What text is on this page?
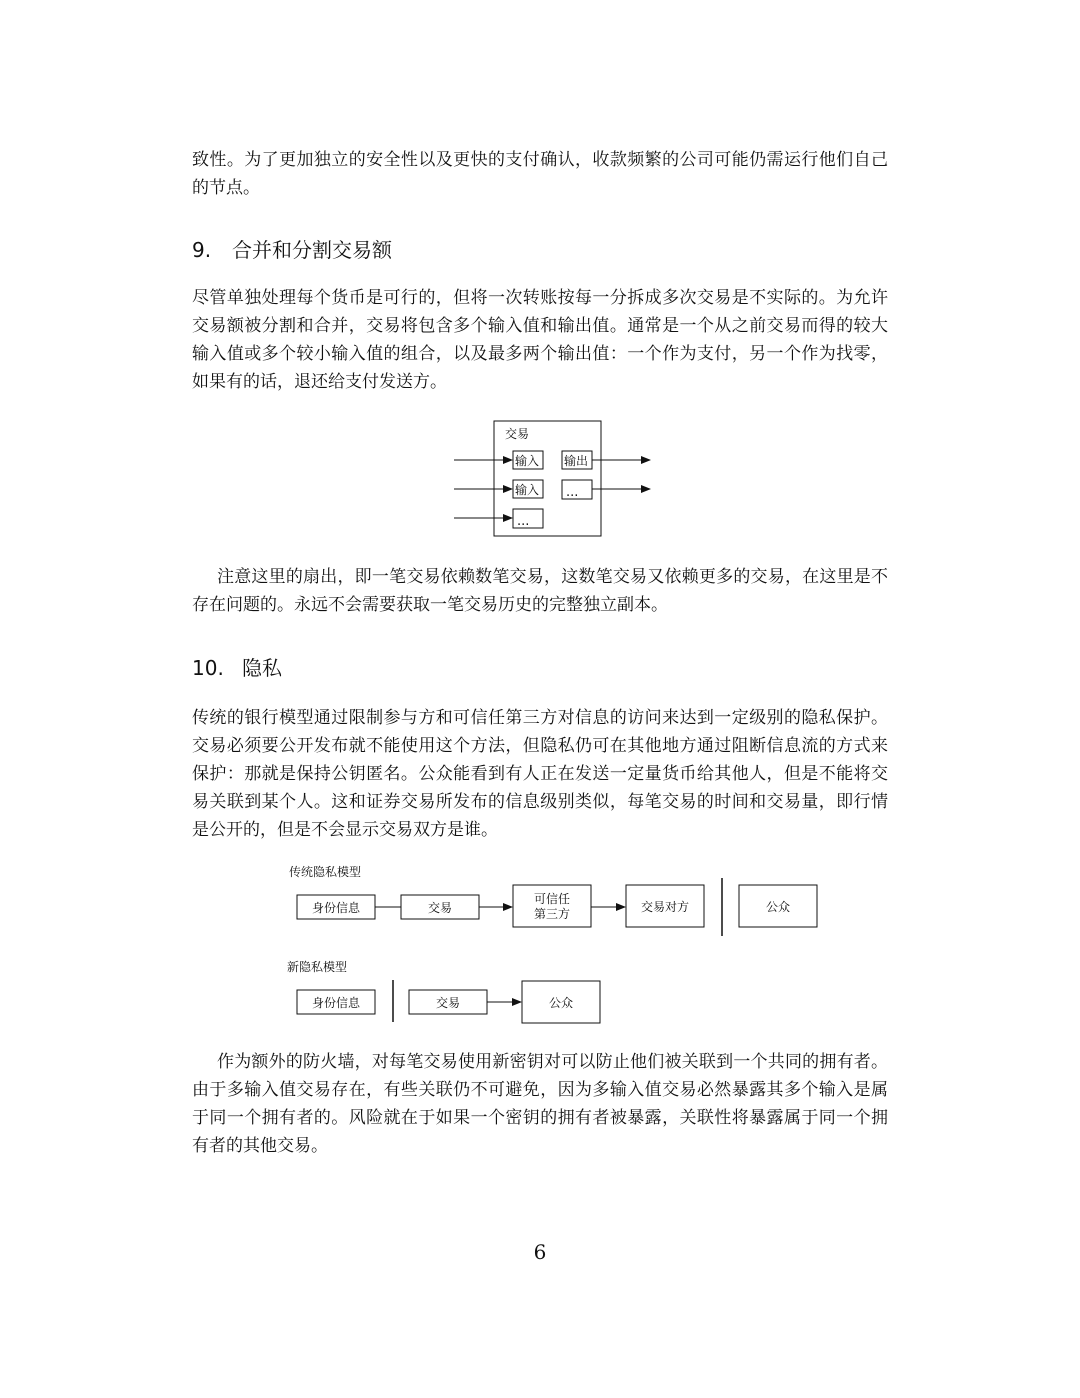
致性。为了更加独立的安全性以及更快的支付确认，收款频繁的公司可能仍需运行他们自己的节点。

9. 合并和分割交易额

尽管单独处理每个货币是可行的，但将一次转账按每一分拆成多次交易是不实际的。为允许交易额被分割和合并，交易将包含多个输入值和输出值。通常是一个从之前交易而得的较大输入值或多个较小输入值的组合，以及最多两个输出值：一个作为支付，另一个作为找零，如果有的话，退还给支付发送方。

交易
输入
输入
...
输出
...

注意这里的扇出，即一笔交易依赖数笔交易，这数笔交易又依赖更多的交易，在这里是不存在问题的。永远不会需要获取一笔交易历史的完整独立副本。

10. 隐私

传统的银行模型通过限制参与方和可信任第三方对信息的访问来达到一定级别的隐私保护。交易必须要公开发布就不能使用这个方法，但隐私仍可在其他地方通过阻断信息流的方式来保护：那就是保持公钥匿名。公众能看到有人正在发送一定量货币给其他人，但是不能将交易关联到某个人。这和证券交易所发布的信息级别类似，每笔交易的时间和交易量，即行情是公开的，但是不会显示交易双方是谁。

传统隐私模型
身份信息	交易
可信任
第三方	交易对方	公众
新隐私模型
身份信息	交易	公众

作为额外的防火墙，对每笔交易使用新密钥对可以防止他们被关联到一个共同的拥有者。由于多输入值交易存在，有些关联仍不可避免，因为多输入值交易必然暴露其多个输入是属于同一个拥有者的。风险就在于如果一个密钥的拥有者被暴露，关联性将暴露属于同一个拥有者的其他交易。

6
